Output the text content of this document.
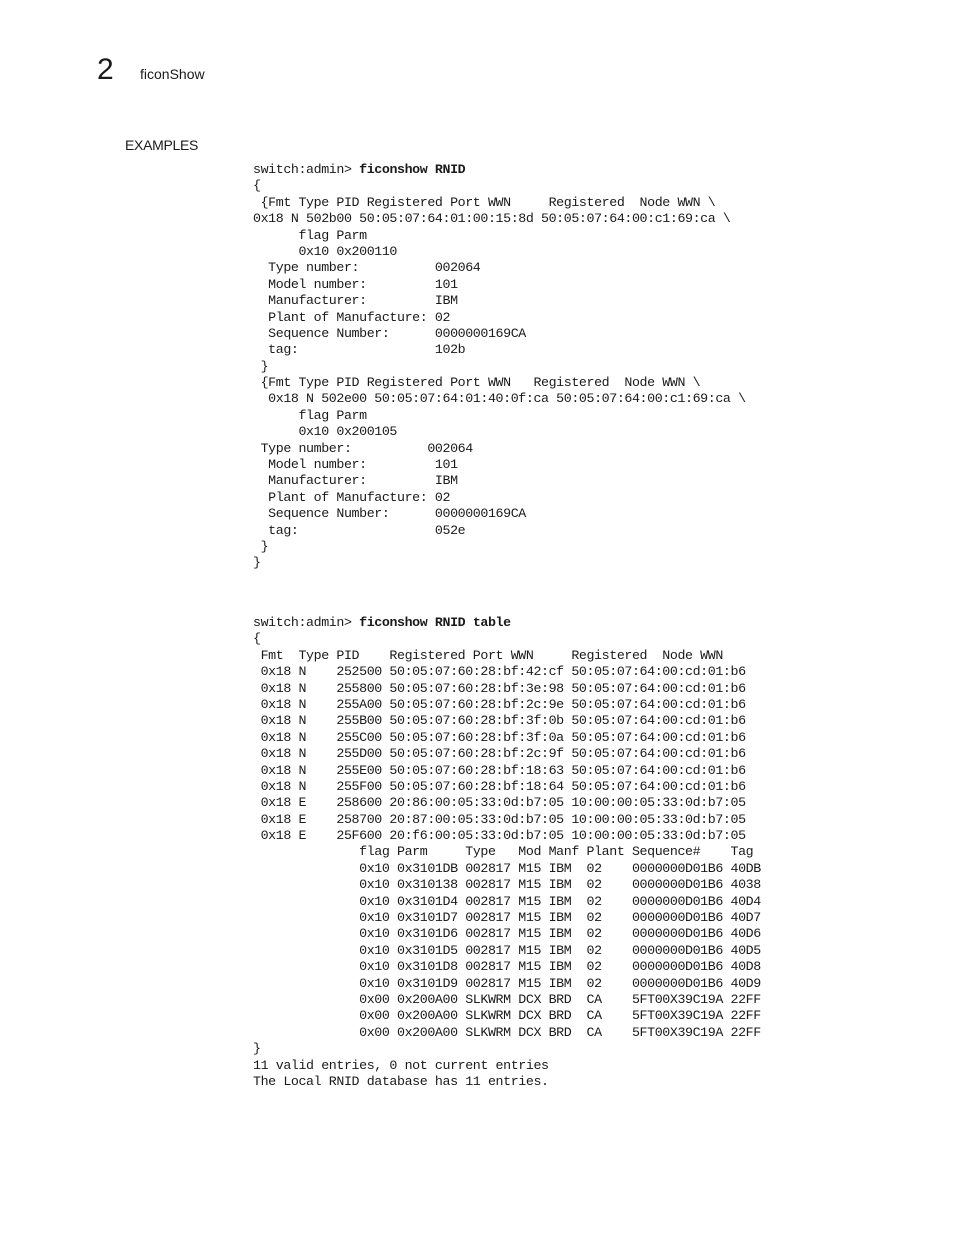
2 ficonShow
EXAMPLES
switch:admin> ficonshow RNID
{
{Fmt Type PID Registered Port WWN     Registered  Node WWN \
0x18 N 502b00 50:05:07:64:01:00:15:8d 50:05:07:64:00:c1:69:ca \
flag Parm
0x10 0x200110
Type number:          002064
Model number:         101
Manufacturer:         IBM
Plant of Manufacture: 02
Sequence Number:      0000000169CA
tag:                  102b
}
{Fmt Type PID Registered Port WWN   Registered  Node WWN \
0x18 N 502e00 50:05:07:64:01:40:0f:ca 50:05:07:64:00:c1:69:ca \
flag Parm
0x10 0x200105
Type number:          002064
Model number:         101
Manufacturer:         IBM
Plant of Manufacture: 02
Sequence Number:      0000000169CA
tag:                  052e
}
}
switch:admin> ficonshow RNID table
{
Fmt  Type PID    Registered Port WWN     Registered  Node WWN
0x18 N    252500 50:05:07:60:28:bf:42:cf 50:05:07:64:00:cd:01:b6
0x18 N    255800 50:05:07:60:28:bf:3e:98 50:05:07:64:00:cd:01:b6
0x18 N    255A00 50:05:07:60:28:bf:2c:9e 50:05:07:64:00:cd:01:b6
0x18 N    255B00 50:05:07:60:28:bf:3f:0b 50:05:07:64:00:cd:01:b6
0x18 N    255C00 50:05:07:60:28:bf:3f:0a 50:05:07:64:00:cd:01:b6
0x18 N    255D00 50:05:07:60:28:bf:2c:9f 50:05:07:64:00:cd:01:b6
0x18 N    255E00 50:05:07:60:28:bf:18:63 50:05:07:64:00:cd:01:b6
0x18 N    255F00 50:05:07:60:28:bf:18:64 50:05:07:64:00:cd:01:b6
0x18 E    258600 20:86:00:05:33:0d:b7:05 10:00:00:05:33:0d:b7:05
0x18 E    258700 20:87:00:05:33:0d:b7:05 10:00:00:05:33:0d:b7:05
0x18 E    25F600 20:f6:00:05:33:0d:b7:05 10:00:00:05:33:0d:b7:05
flag Parm     Type   Mod Manf Plant Sequence#    Tag
0x10 0x3101DB 002817 M15 IBM  02    0000000D01B6 40DB
0x10 0x310138 002817 M15 IBM  02    0000000D01B6 4038
0x10 0x3101D4 002817 M15 IBM  02    0000000D01B6 40D4
0x10 0x3101D7 002817 M15 IBM  02    0000000D01B6 40D7
0x10 0x3101D6 002817 M15 IBM  02    0000000D01B6 40D6
0x10 0x3101D5 002817 M15 IBM  02    0000000D01B6 40D5
0x10 0x3101D8 002817 M15 IBM  02    0000000D01B6 40D8
0x10 0x3101D9 002817 M15 IBM  02    0000000D01B6 40D9
0x00 0x200A00 SLKWRM DCX BRD  CA    5FT00X39C19A 22FF
0x00 0x200A00 SLKWRM DCX BRD  CA    5FT00X39C19A 22FF
0x00 0x200A00 SLKWRM DCX BRD  CA    5FT00X39C19A 22FF
}
11 valid entries, 0 not current entries
The Local RNID database has 11 entries.
